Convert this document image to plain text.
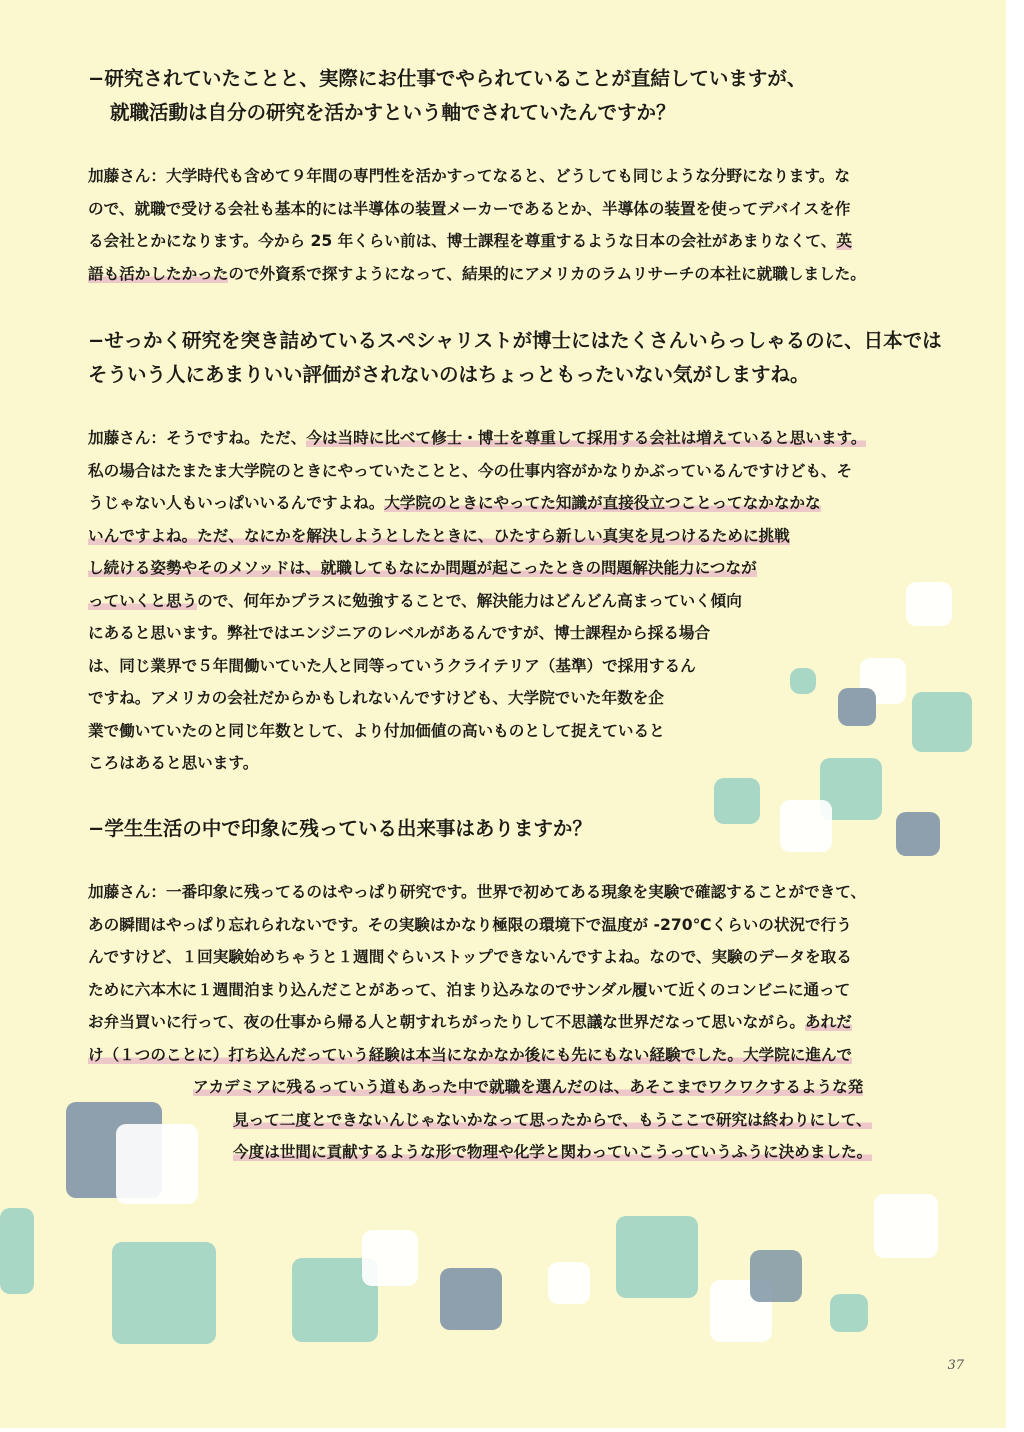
−研究されていたことと、実際にお仕事でやられていることが直結していますが、
就職活動は自分の研究を活かすという軸でされていたんですか？
加藤さん：大学時代も含めて９年間の専門性を活かすってなると、どうしても同じような分野になります。な
ので、就職で受ける会社も基本的には半導体の装置メーカーであるとか、半導体の装置を使ってデバイスを作
る会社とかになります。今から 25 年くらい前は、博士課程を尊重するような日本の会社があまりなくて、英
語も活かしたかったので外資系で探すようになって、結果的にアメリカのラムリサーチの本社に就職しました。
−せっかく研究を突き詰めているスペシャリストが博士にはたくさんいらっしゃるのに、日本では
そういう人にあまりいい評価がされないのはちょっともったいない気がしますね。
加藤さん：そうですね。ただ、今は当時に比べて修士・博士を尊重して採用する会社は増えていると思います。
私の場合はたまたま大学院のときにやっていたことと、今の仕事内容がかなりかぶっているんですけども、そ
うじゃない人もいっぱいいるんですよね。大学院のときにやってた知識が直接役立つことってなかなかな
いんですよね。ただ、なにかを解決しようとしたときに、ひたすら新しい真実を見つけるために挑戦
し続ける姿勢やそのメソッドは、就職してもなにか問題が起こったときの問題解決能力につなが
っていくと思うので、何年かプラスに勉強することで、解決能力はどんどん高まっていく傾向
にあると思います。弊社ではエンジニアのレベルがあるんですが、博士課程から採る場合
は、同じ業界で５年間働いていた人と同等っていうクライテリア（基準）で採用するん
ですね。アメリカの会社だからかもしれないんですけども、大学院でいた年数を企
業で働いていたのと同じ年数として、より付加価値の高いものとして捉えていると
ころはあると思います。
−学生生活の中で印象に残っている出来事はありますか？
加藤さん：一番印象に残ってるのはやっぱり研究です。世界で初めてある現象を実験で確認することができて、
あの瞬間はやっぱり忘れられないです。その実験はかなり極限の環境下で温度が -270℃くらいの状況で行う
んですけど、１回実験始めちゃうと１週間ぐらいストップできないんですよね。なので、実験のデータを取る
ために六本木に１週間泊まり込んだことがあって、泊まり込みなのでサンダル履いて近くのコンビニに通って
お弁当買いに行って、夜の仕事から帰る人と朝すれちがったりして不思議な世界だなって思いながら。あれだ
け（１つのことに）打ち込んだっていう経験は本当になかなか後にも先にもない経験でした。大学院に進んで
アカデミアに残るっていう道もあった中で就職を選んだのは、あそこまでワクワクするような発
見って二度とできないんじゃないかなって思ったからで、もうここで研究は終わりにして、
今度は世間に貢献するような形で物理や化学と関わっていこうっていうふうに決めました。
37
